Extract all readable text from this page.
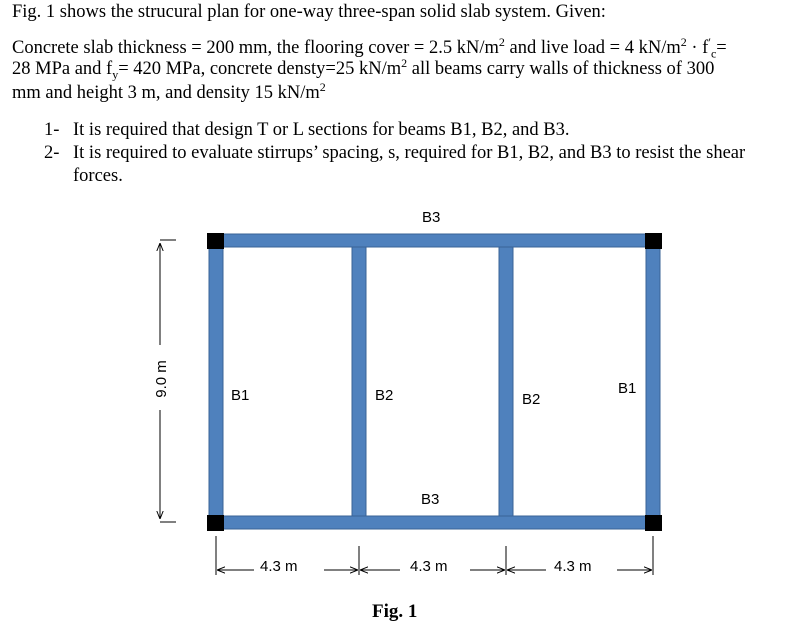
Fig. 1 shows the strucural plan for one-way three-span solid slab system. Given:

Concrete slab thickness = 200 mm, the flooring cover = 2.5 $kN/m^2$ and live load = 4 $kN/m^2 \cdot f'_c=$

28 MPa and $f_y= 420$ MPa, concrete densty=25 $kN/m^2$ all beams carry walls of thickness of 300

mm and height 3 m, and density 15 $kN/m^2$

1- It is required that design T or L sections for beams B1, B2, and B3.
2- It is required to evaluate stirrups’ spacing, s, required for B1, B2, and B3 to resist the shear
forces.
B3
B3
B1	B2	B2
B1
9.0 m
4.3 m	4.3 m	4.3 m
Fig. 1
